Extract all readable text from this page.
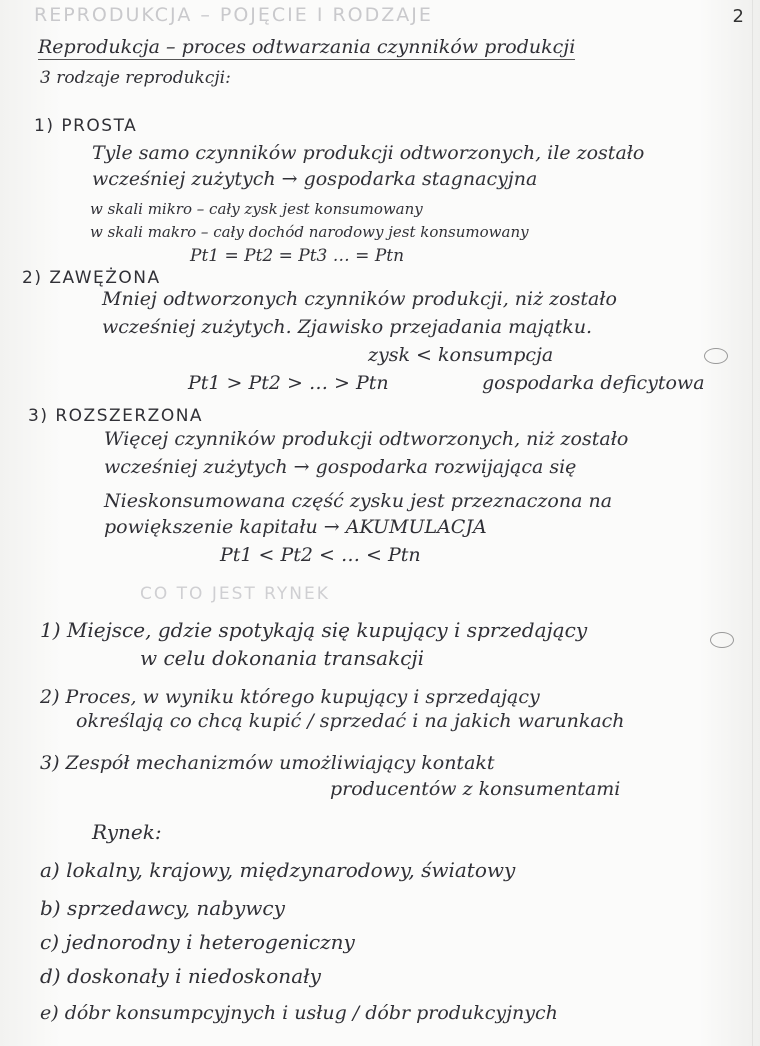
REPRODUKCJA – POJĘCIE I RODZAJE	2
Reprodukcja – proces odtwarzania czynników produkcji
3 rodzaje reprodukcji:
1) PROSTA
Tyle samo czynników produkcji odtworzonych, ile zostało
wcześniej zużytych → gospodarka stagnacyjna
w skali mikro – cały zysk jest konsumowany
w skali makro – cały dochód narodowy jest konsumowany
Pt1 = Pt2 = Pt3 … = Ptn
2) ZAWĘŻONA
Mniej odtworzonych czynników produkcji, niż zostało
wcześniej zużytych. Zjawisko przejadania majątku.
zysk < konsumpcja
Pt1 > Pt2 > … > Ptn	gospodarka deficytowa
3) ROZSZERZONA
Więcej czynników produkcji odtworzonych, niż zostało
wcześniej zużytych → gospodarka rozwijająca się
Nieskonsumowana część zysku jest przeznaczona na
powiększenie kapitału → AKUMULACJA
Pt1 < Pt2 < … < Ptn
CO TO JEST RYNEK
1) Miejsce, gdzie spotykają się kupujący i sprzedający
w celu dokonania transakcji
2) Proces, w wyniku którego kupujący i sprzedający
określają co chcą kupić / sprzedać i na jakich warunkach
3) Zespół mechanizmów umożliwiający kontakt
producentów z konsumentami
Rynek:
a) lokalny, krajowy, międzynarodowy, światowy
b) sprzedawcy, nabywcy
c) jednorodny i heterogeniczny
d) doskonały i niedoskonały
e) dóbr konsumpcyjnych i usług / dóbr produkcyjnych
